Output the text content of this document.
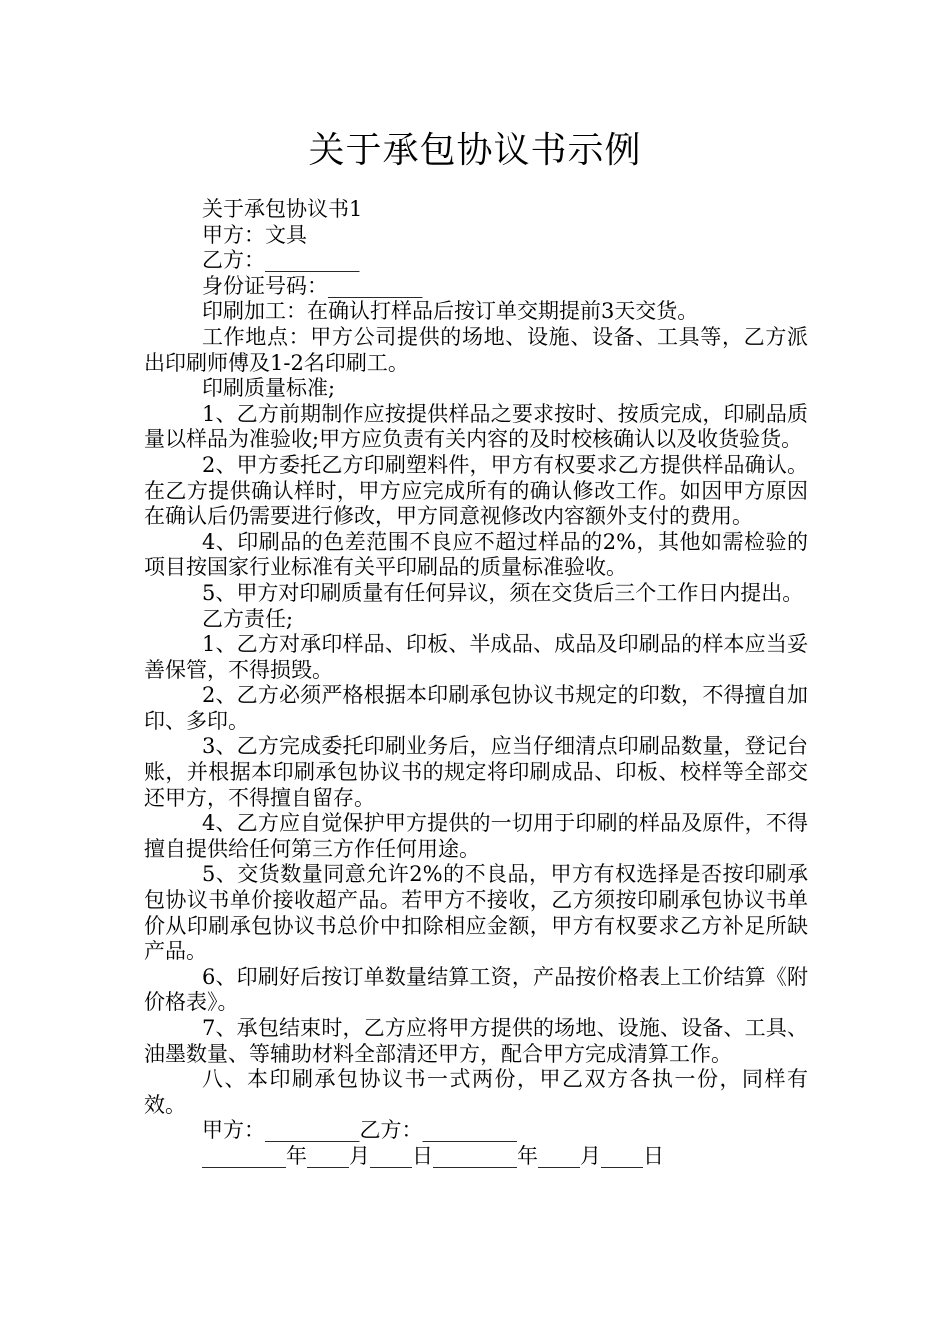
关于承包协议书示例

关于承包协议书1

甲方：文具

乙方：_________

身份证号码：_________

印刷加工：在确认打样品后按订单交期提前3天交货。

工作地点：甲方公司提供的场地、设施、设备、工具等，乙方派出印刷师傅及1-2名印刷工。

印刷质量标准;

1、乙方前期制作应按提供样品之要求按时、按质完成，印刷品质量以样品为准验收;甲方应负责有关内容的及时校核确认以及收货验货。

2、甲方委托乙方印刷塑料件，甲方有权要求乙方提供样品确认。在乙方提供确认样时，甲方应完成所有的确认修改工作。如因甲方原因在确认后仍需要进行修改，甲方同意视修改内容额外支付的费用。

4、印刷品的色差范围不良应不超过样品的2%，其他如需检验的项目按国家行业标准有关平印刷品的质量标准验收。

5、甲方对印刷质量有任何异议，须在交货后三个工作日内提出。

乙方责任;

1、乙方对承印样品、印板、半成品、成品及印刷品的样本应当妥善保管，不得损毁。

2、乙方必须严格根据本印刷承包协议书规定的印数，不得擅自加印、多印。

3、乙方完成委托印刷业务后，应当仔细清点印刷品数量，登记台账，并根据本印刷承包协议书的规定将印刷成品、印板、校样等全部交还甲方，不得擅自留存。

4、乙方应自觉保护甲方提供的一切用于印刷的样品及原件，不得擅自提供给任何第三方作任何用途。

5、交货数量同意允许2%的不良品，甲方有权选择是否按印刷承包协议书单价接收超产品。若甲方不接收，乙方须按印刷承包协议书单价从印刷承包协议书总价中扣除相应金额，甲方有权要求乙方补足所缺产品。

6、印刷好后按订单数量结算工资，产品按价格表上工价结算《附价格表》。

7、承包结束时，乙方应将甲方提供的场地、设施、设备、工具、油墨数量、等辅助材料全部清还甲方，配合甲方完成清算工作。

八、本印刷承包协议书一式两份，甲乙双方各执一份，同样有效。

甲方：_________乙方：_________

________年____月____日________年____月____日
